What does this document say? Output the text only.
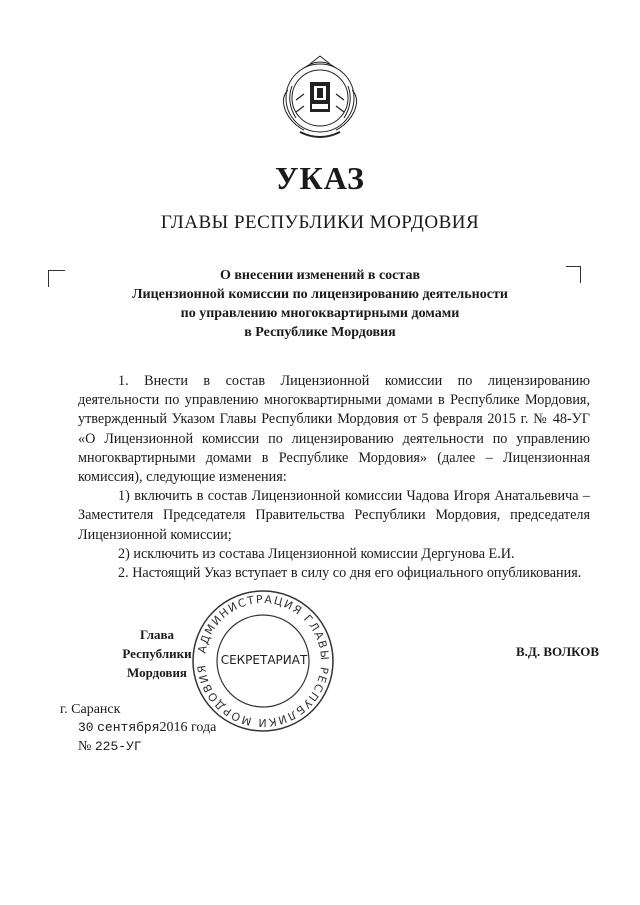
УКАЗ
ГЛАВЫ РЕСПУБЛИКИ МОРДОВИЯ
О внесении изменений в состав
Лицензионной комиссии по лицензированию деятельности
по управлению многоквартирными домами
в Республике Мордовия

1. Внести в состав Лицензионной комиссии по лицензированию деятельности по управлению многоквартирными домами в Республике Мордовия, утвержденный Указом Главы Республики Мордовия от 5 февраля 2015 г. № 48-УГ «О Лицензионной комиссии по лицензированию деятельности по управлению многоквартирными домами в Республике Мордовия» (далее – Лицензионная комиссия), следующие изменения:

1) включить в состав Лицензионной комиссии Чадова Игоря Анатальевича – Заместителя Председателя Правительства Республики Мордовия, председателя Лицензионной комиссии;

2) исключить из состава Лицензионной комиссии Дергунова Е.И.

2. Настоящий Указ вступает в силу со дня его официального опубликования.

АДМИНИСТРАЦИЯ ГЛАВЫ РЕСПУБЛИКИ МОРДОВИЯ
СЕКРЕТАРИАТ
Глава
Республики Мордовия
В.Д. ВОЛКОВ
г. Саранск
30 сентября2016 года
№ 225-УГ
